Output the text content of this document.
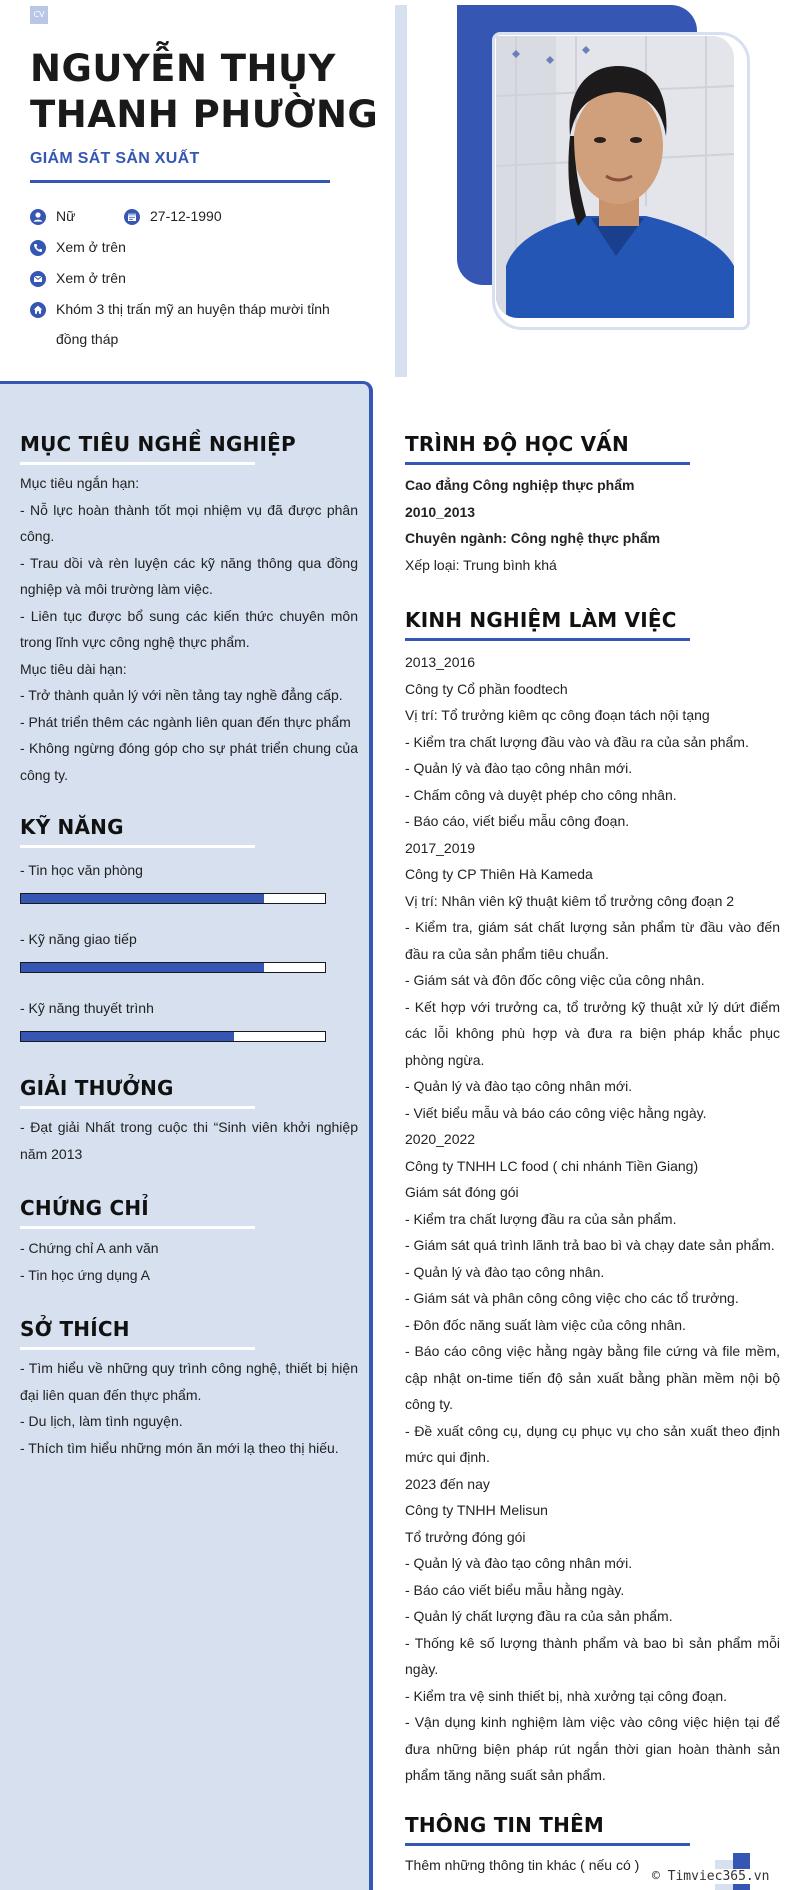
CV
NGUYỄN THỤY THANH PHƯỜNG
GIÁM SÁT SẢN XUẤT
Nữ	27-12-1990
Xem ở trên
Xem ở trên
Khóm 3 thị trấn mỹ an huyện tháp mười tỉnh đồng tháp
MỤC TIÊU NGHỀ NGHIỆP

Mục tiêu ngắn hạn:

- Nỗ lực hoàn thành tốt mọi nhiệm vụ đã được phân công.

- Trau dồi và rèn luyện các kỹ năng thông qua đồng nghiệp và môi trường làm việc.

- Liên tục được bổ sung các kiến thức chuyên môn trong lĩnh vực công nghệ thực phẩm.

Mục tiêu dài hạn:

- Trở thành quản lý với nền tảng tay nghề đẳng cấp.

- Phát triển thêm các ngành liên quan đến thực phẩm

- Không ngừng đóng góp cho sự phát triển chung của công ty.

KỸ NĂNG
- Tin học văn phòng
- Kỹ năng giao tiếp
- Kỹ năng thuyết trình
GIẢI THƯỞNG

- Đạt giải Nhất trong cuộc thi “Sinh viên khởi nghiệp năm 2013

CHỨNG CHỈ

- Chứng chỉ A anh văn

- Tin học ứng dụng A

SỞ THÍCH

- Tìm hiểu về những quy trình công nghệ, thiết bị hiện đại liên quan đến thực phẩm.

- Du lịch, làm tình nguyện.

- Thích tìm hiểu những món ăn mới lạ theo thị hiếu.

TRÌNH ĐỘ HỌC VẤN

Cao đẳng Công nghiệp thực phẩm

2010_2013

Chuyên ngành: Công nghệ thực phẩm

Xếp loại: Trung bình khá

KINH NGHIỆM LÀM VIỆC

2013_2016

Công ty Cổ phần foodtech

Vị trí: Tổ trưởng kiêm qc công đoạn tách nội tạng

- Kiểm tra chất lượng đầu vào và đầu ra của sản phẩm.

- Quản lý và đào tạo công nhân mới.

- Chấm công và duyệt phép cho công nhân.

- Báo cáo, viết biểu mẫu công đoạn.

2017_2019

Công ty CP Thiên Hà Kameda

Vị trí: Nhân viên kỹ thuật kiêm tổ trưởng công đoạn 2

- Kiểm tra, giám sát chất lượng sản phẩm từ đầu vào đến đầu ra của sản phẩm tiêu chuẩn.

- Giám sát và đôn đốc công việc của công nhân.

- Kết hợp với trưởng ca, tổ trưởng kỹ thuật xử lý dứt điểm các lỗi không phù hợp và đưa ra biện pháp khắc phục phòng ngừa.

- Quản lý và đào tạo công nhân mới.

- Viết biểu mẫu và báo cáo công việc hằng ngày.

2020_2022

Công ty TNHH LC food ( chi nhánh Tiền Giang)

Giám sát đóng gói

- Kiểm tra chất lượng đầu ra của sản phẩm.

- Giám sát quá trình lãnh trả bao bì và chạy date sản phẩm.

- Quản lý và đào tạo công nhân.

- Giám sát và phân công công việc cho các tổ trưởng.

- Đôn đốc năng suất làm việc của công nhân.

- Báo cáo công việc hằng ngày bằng file cứng và file mềm, cập nhật on-time tiến độ sản xuất bằng phần mềm nội bộ công ty.

- Đề xuất công cụ, dụng cụ phục vụ cho sản xuất theo định mức qui định.

2023 đến nay

Công ty TNHH Melisun

Tổ trưởng đóng gói

- Quản lý và đào tạo công nhân mới.

- Báo cáo viết biểu mẫu hằng ngày.

- Quản lý chất lượng đầu ra của sản phẩm.

- Thống kê số lượng thành phẩm và bao bì sản phẩm mỗi ngày.

- Kiểm tra vệ sinh thiết bị, nhà xưởng tại công đoạn.

- Vận dụng kinh nghiệm làm việc vào công việc hiện tại để đưa những biện pháp rút ngắn thời gian hoàn thành sản phẩm tăng năng suất sản phẩm.

THÔNG TIN THÊM

Thêm những thông tin khác ( nếu có )

© Timviec365.vn
